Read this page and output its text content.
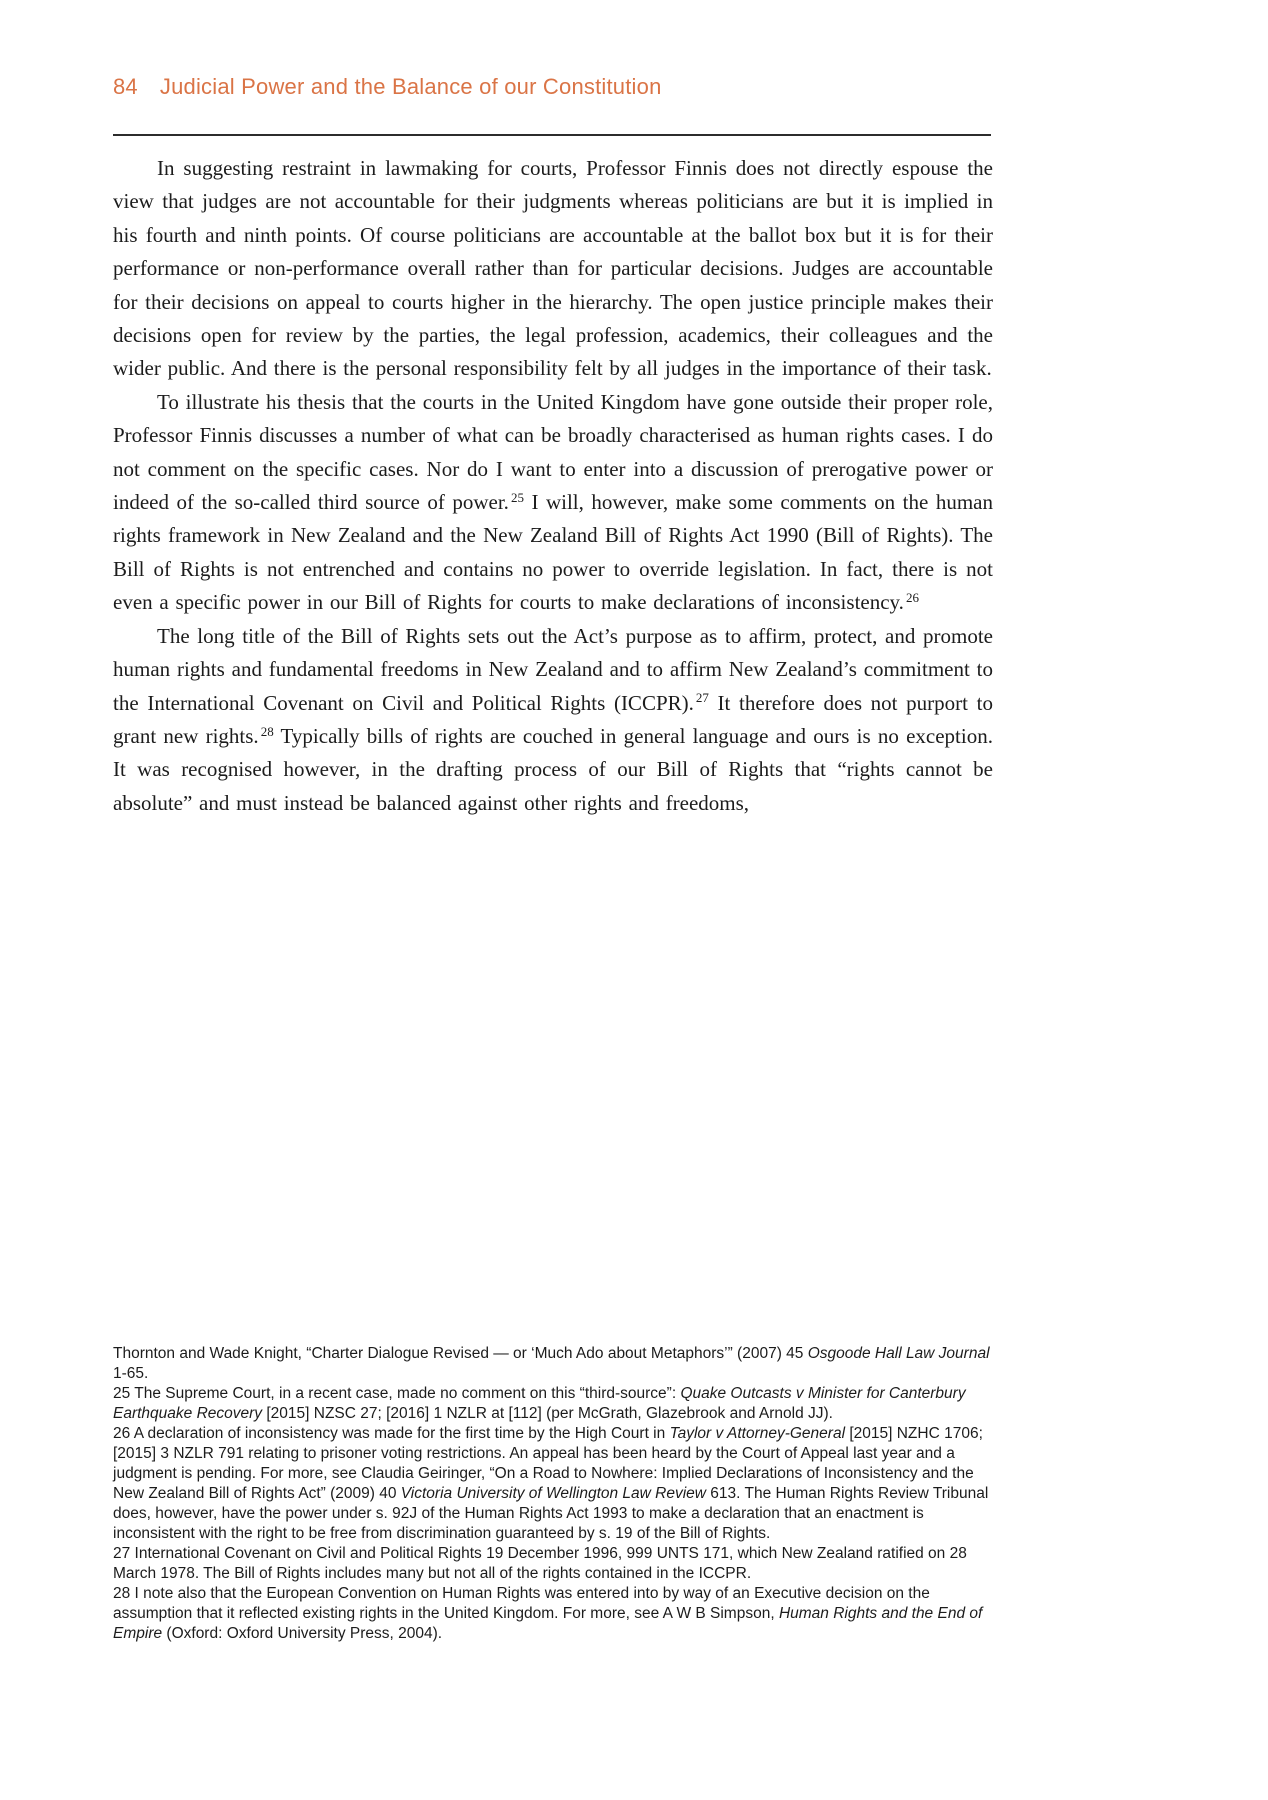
84 Judicial Power and the Balance of our Constitution

In suggesting restraint in lawmaking for courts, Professor Finnis does not directly espouse the view that judges are not accountable for their judgments whereas politicians are but it is implied in his fourth and ninth points. Of course politicians are accountable at the ballot box but it is for their performance or non-performance overall rather than for particular decisions. Judges are accountable for their decisions on appeal to courts higher in the hierarchy. The open justice principle makes their decisions open for review by the parties, the legal profession, academics, their colleagues and the wider public. And there is the personal responsibility felt by all judges in the importance of their task.

To illustrate his thesis that the courts in the United Kingdom have gone outside their proper role, Professor Finnis discusses a number of what can be broadly characterised as human rights cases. I do not comment on the specific cases. Nor do I want to enter into a discussion of prerogative power or indeed of the so-called third source of power. $^{25}$ I will, however, make some comments on the human rights framework in New Zealand and the New Zealand Bill of Rights Act 1990 (Bill of Rights). The Bill of Rights is not entrenched and contains no power to override legislation. In fact, there is not even a specific power in our Bill of Rights for courts to make declarations of inconsistency. $^{26}$

The long title of the Bill of Rights sets out the Act’s purpose as to affirm, protect, and promote human rights and fundamental freedoms in New Zealand and to affirm New Zealand’s commitment to the International Covenant on Civil and Political Rights (ICCPR). $^{27}$ It therefore does not purport to grant new rights. $^{28}$ Typically bills of rights are couched in general language and ours is no exception. It was recognised however, in the drafting process of our Bill of Rights that “rights cannot be absolute” and must instead be balanced against other rights and freedoms,

Thornton and Wade Knight, “Charter Dialogue Revised — or ‘Much Ado about Metaphors’” (2007) 45 Osgoode Hall Law Journal 1-65.

25 The Supreme Court, in a recent case, made no comment on this “third-source”: Quake Outcasts v Minister for Canterbury Earthquake Recovery [2015] NZSC 27; [2016] 1 NZLR at [112] (per McGrath, Glazebrook and Arnold JJ).

26 A declaration of inconsistency was made for the first time by the High Court in Taylor v Attorney-General [2015] NZHC 1706; [2015] 3 NZLR 791 relating to prisoner voting restrictions. An appeal has been heard by the Court of Appeal last year and a judgment is pending. For more, see Claudia Geiringer, “On a Road to Nowhere: Implied Declarations of Inconsistency and the New Zealand Bill of Rights Act” (2009) 40 Victoria University of Wellington Law Review 613. The Human Rights Review Tribunal does, however, have the power under s. 92J of the Human Rights Act 1993 to make a declaration that an enactment is inconsistent with the right to be free from discrimination guaranteed by s. 19 of the Bill of Rights.

27 International Covenant on Civil and Political Rights 19 December 1996, 999 UNTS 171, which New Zealand ratified on 28 March 1978. The Bill of Rights includes many but not all of the rights contained in the ICCPR.

28 I note also that the European Convention on Human Rights was entered into by way of an Executive decision on the assumption that it reflected existing rights in the United Kingdom. For more, see A W B Simpson, Human Rights and the End of Empire (Oxford: Oxford University Press, 2004).
